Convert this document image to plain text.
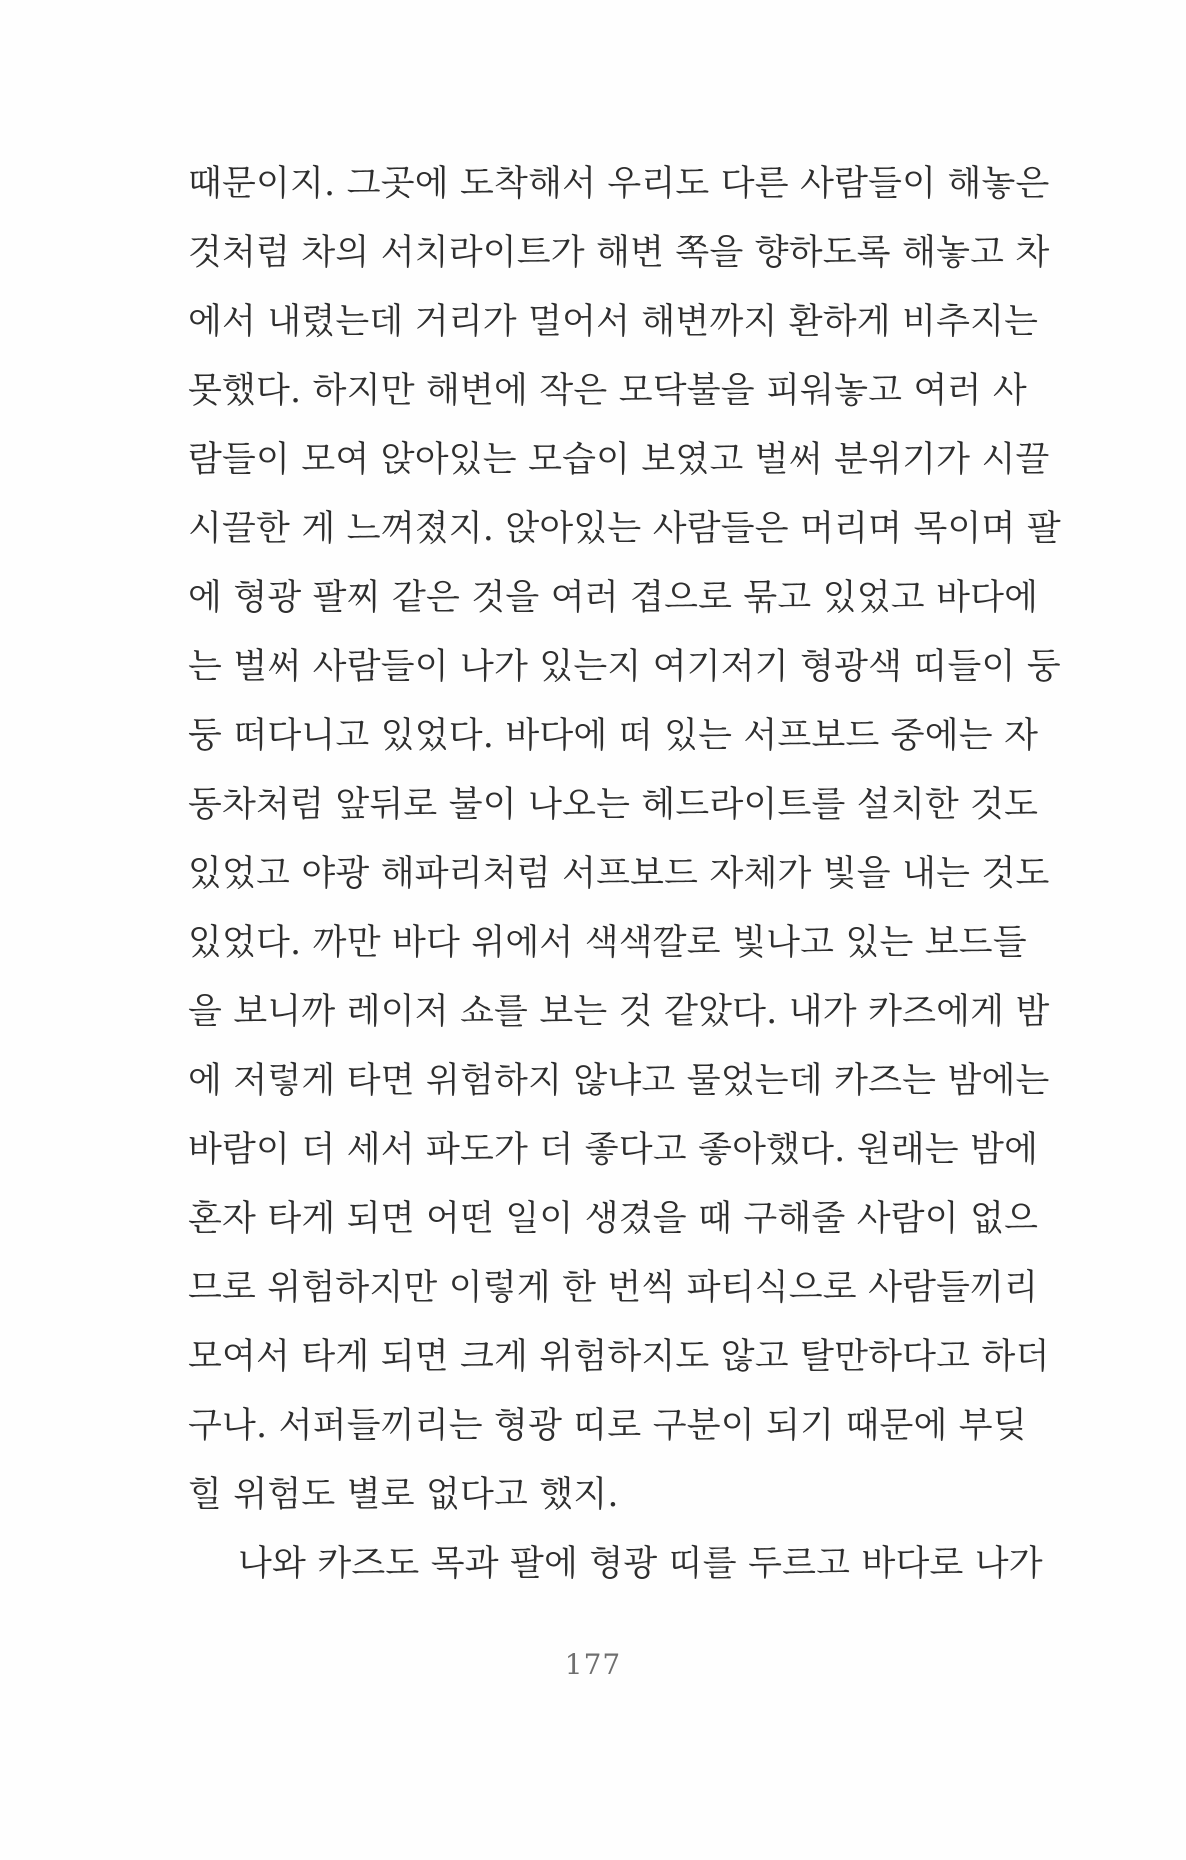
때문이지. 그곳에 도착해서 우리도 다른 사람들이 해놓은
것처럼 차의 서치라이트가 해변 쪽을 향하도록 해놓고 차
에서 내렸는데 거리가 멀어서 해변까지 환하게 비추지는
못했다. 하지만 해변에 작은 모닥불을 피워놓고 여러 사
람들이 모여 앉아있는 모습이 보였고 벌써 분위기가 시끌
시끌한 게 느껴졌지. 앉아있는 사람들은 머리며 목이며 팔
에 형광 팔찌 같은 것을 여러 겹으로 묶고 있었고 바다에
는 벌써 사람들이 나가 있는지 여기저기 형광색 띠들이 둥
둥 떠다니고 있었다. 바다에 떠 있는 서프보드 중에는 자
동차처럼 앞뒤로 불이 나오는 헤드라이트를 설치한 것도
있었고 야광 해파리처럼 서프보드 자체가 빛을 내는 것도
있었다. 까만 바다 위에서 색색깔로 빛나고 있는 보드들
을 보니까 레이저 쇼를 보는 것 같았다. 내가 카즈에게 밤
에 저렇게 타면 위험하지 않냐고 물었는데 카즈는 밤에는
바람이 더 세서 파도가 더 좋다고 좋아했다. 원래는 밤에
혼자 타게 되면 어떤 일이 생겼을 때 구해줄 사람이 없으
므로 위험하지만 이렇게 한 번씩 파티식으로 사람들끼리
모여서 타게 되면 크게 위험하지도 않고 탈만하다고 하더
구나. 서퍼들끼리는 형광 띠로 구분이 되기 때문에 부딪
힐 위험도 별로 없다고 했지.
나와 카즈도 목과 팔에 형광 띠를 두르고 바다로 나가
177
